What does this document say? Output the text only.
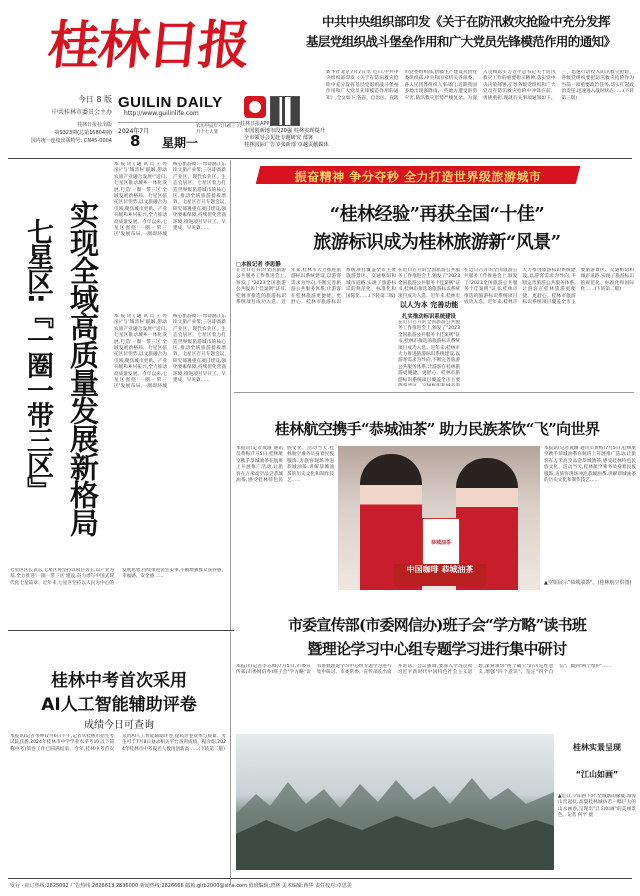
桂林日报
今日 8 版
中共桂林市委员会主办
桂林日报社出版
第9323期(总第16804期)
国内统一连续出版物号: CN45-0004
GUILIN DAILY
http://www.guilinlife.com
2024年7月
8 星期一
农历甲辰年六月初三 六月十七大暑
桂林日报APP
市国创新地市段20强 桂林实现提升
全市领导会见赴专题研究 部署
桂林国际广告节张新部 卓越贡献媒体
中共中央组织部印发《关于在防汛救灾抢险中充分发挥
基层党组织战斗堡垒作用和广大党员先锋模范作用的通知》
新华社北京7月7日电 近日,中共中央组织部印发《关于在防汛救灾抢险中充分发挥基层党组织战斗堡垒作用和广大党员先锋模范作用的通知》,全文如下:各省、自治区、直辖市党委组织部,新疆生产建设兵团党委组织部,中央和国家机关各部委、各人民团体组织人事部门:近期我国多地出现强降雨,一些地方遭受洪涝灾害,防汛救灾形势严峻复杂。为深入贯彻落实习近平总书记关于防汛救灾工作的重要指示精神,落实党中央决策部署,引导各级党组织和广大党员在防汛救灾抢险中冲锋在前、勇挑重担,现就有关事项通知如下。一、迅速行动投入防汛救灾抢险。各级党组织要把防汛救灾抢险作为当前一项重要政治任务,切实扛起政治责任,迅速进入战时状态……(下转第三版)
本报讯(通讯员王亮彦)"与'城湾村'联姻,带动农旅产业融合发展!"近日,七星区推动城乡一体化发展,打造'一圈一带三区'全域发展新格局。七星区依托区位优势,以文旅融合为引领,聚焦城市更新、产业升级和乡村振兴,全力推动高质量发展。今年以来,七星区围绕'一圈一带三区'发展布局,一圈即环城核心旅游圈;一带即漓江东岸文旅产业带;三区即高新产业区、现代农业区、生态宜居区。七星区着力打造世界级旅游城市的核心区,推动全域旅游提质增效。七星区召开专题会议,研究部署重点项目建设,强化要素保障,持续优化营商环境,推进项目早开工、早建成、早见效……
实现全域高质量发展新格局
七星区:『一圈一带三区』	本报讯(通讯员王亮彦)"与'城湾村'联姻,带动农旅产业融合发展!"近日,七星区推动城乡一体化发展,打造'一圈一带三区'全域发展新格局。七星区依托区位优势,以文旅融合为引领,聚焦城市更新、产业升级和乡村振兴,全力推动高质量发展。今年以来,七星区围绕'一圈一带三区'发展布局,一圈即环城核心旅游圈;一带即漓江东岸文旅产业带;三区即高新产业区、现代农业区、生态宜居区。七星区着力打造世界级旅游城市的核心区,推动全域旅游提质增效。七星区召开专题会议,研究部署重点项目建设,强化要素保障,持续优化营商环境,推进项目早开工、早建成、早见效……
七星区区长表示,七星区将坚持以项目为王,以产业为基,全力推进'一圈一带三区'建设,奋力谱写中国式现代化七星篇章。近年来,七星区坚持以人民为中心的发展思想,持续推进民生实事,不断增强群众获得感、幸福感、安全感……
振奋精神 争分夺秒 全力打造世界级旅游城市
“桂林经验”再获全国“十佳”
旅游标识成为桂林旅游新“风景”
□本报记者 李思静
在近日召开的全国旅游公共服务工作推进会上,颁发了"2023全国旅游公共服务十佳案例"证书,桂林市推选的旅游标识系统项目成功入选。近年来,桂林市大力推进旅游标识系统建设,以游客需求为导向,不断完善旅游公共服务体系,让游客在桂林旅游更便捷、更舒心。桂林市旅游标识系统项目覆盖全市主要旅游景区、交通枢纽和城市道路,实现了旅游标识的规范化、标准化和国际化……(下转第二版)
以人为本 完善功能
扎实推动标识系统建设
在近日召开的全国旅游公共服务工作推进会上,颁发了"2023全国旅游公共服务十佳案例"证书,桂林市推选的旅游标识系统项目成功入选。近年来,桂林市
在近日召开的全国旅游公共服务工作推进会上,颁发了"2023全国旅游公共服务十佳案例"证书,桂林市推选的旅游标识系统项目成功入选。近年来,桂林市大力推进旅游标识系统建设,以游客需求为导向,不断完善旅游公共服务体系,让游客在桂林旅游更便捷、更舒心。桂林市旅游标识系统项目覆盖全市主要
在近日召开的全国旅游公共服务工作推进会上,颁发了"2023全国旅游公共服务十佳案例"证书,桂林市推选的旅游标识系统项目成功入选。近年来,桂林市大力推进旅游标识系统建设,以游客需求为导向,不断完善旅游公共服务体系,让游客在桂林旅游更便捷、更舒心。桂林市旅游标识系统项目覆盖全市主要旅游景区、交通枢纽和城市道路,实现了旅游标识的规范化、标准化和国际化……(下转第二版)
桂林航空携手“恭城油茶” 助力民族茶饮“飞”向世界
本报讯(记者黄珊 通讯员黄梅)7月5日,桂林航空携手恭城油茶在航班上开展推广活动,让旅客在万米高空品尝恭城油茶,感受桂林特色民族文化。活动当天,桂林航空乘务员身着民族服饰,为旅客现场冲泡恭城油茶,讲解恭城油茶的历史文化和制作技艺……
恭城油茶
中国咖啡 恭城油茶
▲空姐展示"恭城油茶"。(桂林航空供图)
本报讯(记者黄珊 通讯员黄梅)7月5日,桂林航空携手恭城油茶在航班上开展推广活动,让旅客在万米高空品尝恭城油茶,感受桂林特色民族文化。活动当天,桂林航空乘务员身着民族服饰,为旅客现场冲泡恭城油茶,讲解恭城油茶的历史文化和制作技艺……
市委宣传部(市委网信办)班子会“学方略”读书班
暨理论学习中心组专题学习进行集中研讨
本报讯(记者李志峰)7月5日,市委宣传部(市委网信办)班子会"学方略"读书班暨理论学习中心组专题学习进行集中研讨。市委常委、宣传部长出席并讲话。会议强调,要深入学习贯彻习近平新时代中国特色社会主义思想,深刻领悟"两个确立"的决定性意义,增强"四个意识"、坚定"四个自信"、做到"两个维护"……
桂林中考首次采用
AI人工智能辅助评卷
成绩今日可查询
本报讯(记者李婷)7月6日下午,记者从桂林市招生考试院获悉,2024年桂林市中学学业水平考试(以下简称中考)阅卷工作已圆满结束。今年,桂林中考首次采用AI人工智能辅助评卷,提高评卷效率与质量。考生可于7月8日登录相关平台查询成绩。据介绍,2024年桂林市中考报名人数再创新高……(下转第二版)	桂林实景呈现
“江山如画”
▲近日,夕阳西下时,全城烟雨朦胧,漫漫山峦起伏,高黎桂林城仿若一幅巨大的山水画卷,呈现出"江山如画"的美丽景色。记者 何平 摄
发行 · 征订热线:2825092 广告热线:2826613 2836000 新闻热线:2826666 邮箱:glrb2000@sina.com 值班编辑:唐林 美术编辑:蒋华 责任校对:卓思美
